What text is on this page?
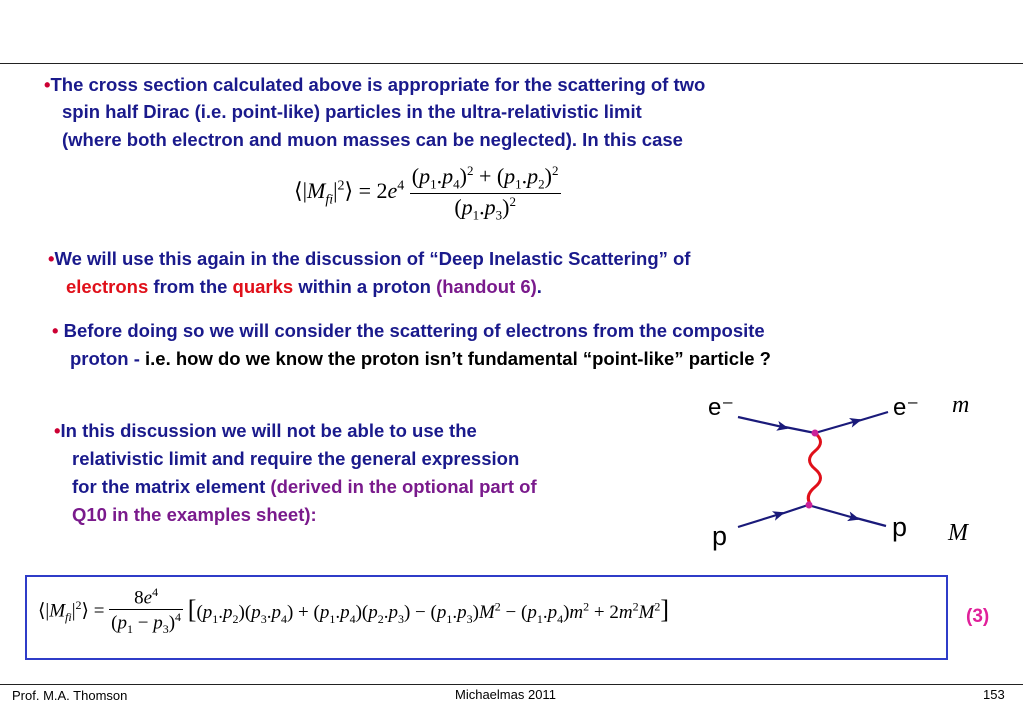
•The cross section calculated above is appropriate for the scattering of two
spin half Dirac (i.e. point-like) particles in the ultra-relativistic limit
(where both electron and muon masses can be neglected). In this case
$⟨|M_{fi}|^2⟩ = 2e^4 \frac{(p_1.p_4)^2 + (p_1.p_2)^2}{(p_1.p_3)^2}$
•We will use this again in the discussion of “Deep Inelastic Scattering” of
electrons from the quarks within a proton (handout 6).
• Before doing so we will consider the scattering of electrons from the composite
proton - i.e. how do we know the proton isn’t fundamental “point-like” particle ?
•In this discussion we will not be able to use the
relativistic limit and require the general expression
for the matrix element (derived in the optional part of
Q10 in the examples sheet):
e⁻	e⁻ m
p	p M
$⟨|M_{fi}|^2⟩ = \frac{8e^4}{(p_1 - p_3)^4} [(p_1.p_2)(p_3.p_4) + (p_1.p_4)(p_2.p_3) - (p_1.p_3)M^2 - (p_1.p_4)m^2 + 2m^2M^2]$	(3)
Prof. M.A. Thomson	Michaelmas 2011	153
